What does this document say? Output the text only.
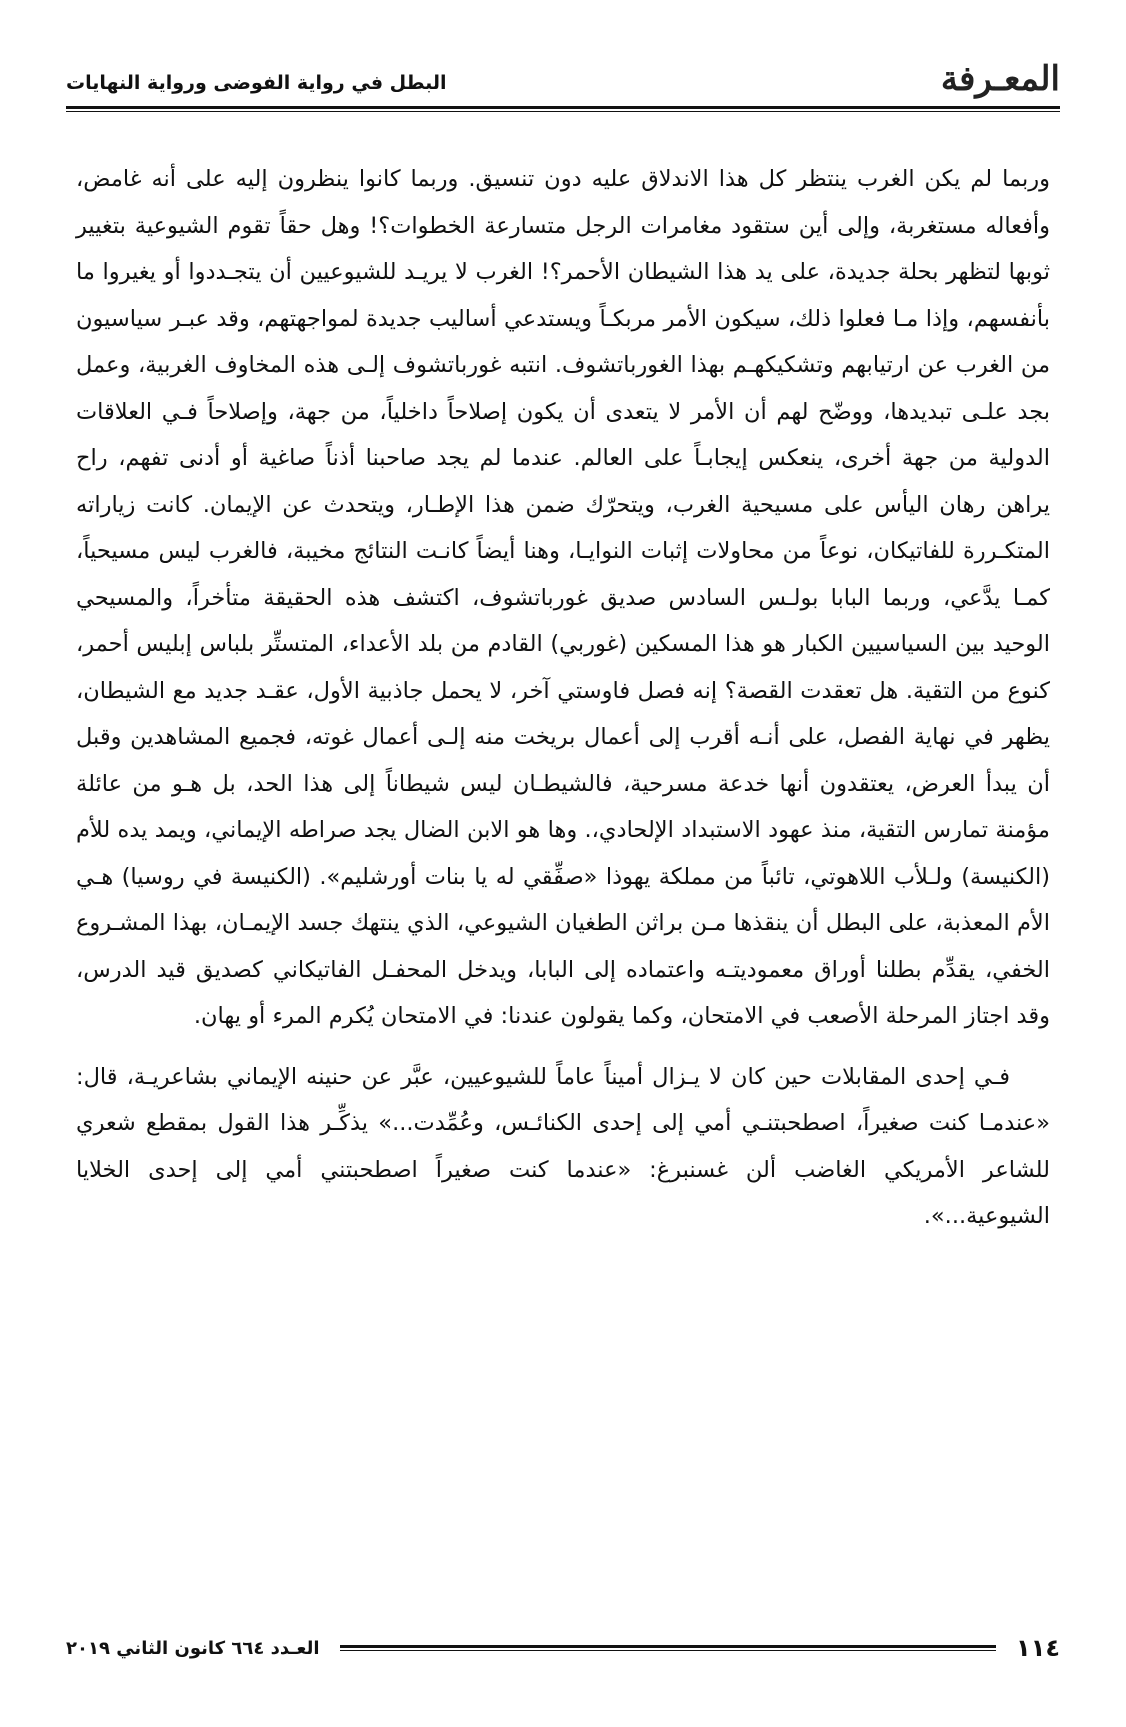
المعـرفة
البطل في رواية الفوضى ورواية النهايات

وربما لم يكن الغرب ينتظر كل هذا الاندلاق عليه دون تنسيق. وربما كانوا ينظرون إليه على أنه غامض، وأفعاله مستغربة، وإلى أين ستقود مغامرات الرجل متسارعة الخطوات؟! وهل حقاً تقوم الشيوعية بتغيير ثوبها لتظهر بحلة جديدة، على يد هذا الشيطان الأحمر؟! الغرب لا يريـد للشيوعيين أن يتجـددوا أو يغيروا ما بأنفسهم، وإذا مـا فعلوا ذلك، سيكون الأمر مربكـاً ويستدعي أساليب جديدة لمواجهتهم، وقد عبـر سياسيون من الغرب عن ارتيابهم وتشكيكهـم بهذا الغورباتشوف. انتبه غورباتشوف إلـى هذه المخاوف الغربية، وعمل بجد علـى تبديدها، ووضّح لهم أن الأمر لا يتعدى أن يكون إصلاحاً داخلياً، من جهة، وإصلاحاً فـي العلاقات الدولية من جهة أخرى، ينعكس إيجابـاً على العالم. عندما لم يجد صاحبنا أذناً صاغية أو أدنى تفهم، راح يراهن رهان اليأس على مسيحية الغرب، ويتحرّك ضمن هذا الإطـار، ويتحدث عن الإيمان. كانت زياراته المتكـررة للفاتيكان، نوعاً من محاولات إثبات النوايـا، وهنا أيضاً كانـت النتائج مخيبة، فالغرب ليس مسيحياً، كمـا يدَّعي، وربما البابا بولـس السادس صديق غورباتشوف، اكتشف هذه الحقيقة متأخراً، والمسيحي الوحيد بين السياسيين الكبار هو هذا المسكين (غوربي) القادم من بلد الأعداء، المتستِّر بلباس إبليس أحمر، كنوع من التقية. هل تعقدت القصة؟ إنه فصل فاوستي آخر، لا يحمل جاذبية الأول، عقـد جديد مع الشيطان، يظهر في نهاية الفصل، على أنـه أقرب إلى أعمال بريخت منه إلـى أعمال غوته، فجميع المشاهدين وقبل أن يبدأ العرض، يعتقدون أنها خدعة مسرحية، فالشيطـان ليس شيطاناً إلى هذا الحد، بل هـو من عائلة مؤمنة تمارس التقية، منذ عهود الاستبداد الإلحادي،. وها هو الابن الضال يجد صراطه الإيماني، ويمد يده للأم (الكنيسة) ولـلأب اللاهوتي، تائباً من مملكة يهوذا «صفِّقي له يا بنات أورشليم». (الكنيسة في روسيا) هـي الأم المعذبة، على البطل أن ينقذها مـن براثن الطغيان الشيوعي، الذي ينتهك جسد الإيمـان، بهذا المشـروع الخفي، يقدِّم بطلنا أوراق معموديتـه واعتماده إلى البابا، ويدخل المحفـل الفاتيكاني كصديق قيد الدرس، وقد اجتاز المرحلة الأصعب في الامتحان، وكما يقولون عندنا: في الامتحان يُكرم المرء أو يهان.

فـي إحدى المقابلات حين كان لا يـزال أميناً عاماً للشيوعيين، عبَّر عن حنينه الإيماني بشاعريـة، قال: «عندمـا كنت صغيراً، اصطحبتنـي أمي إلى إحدى الكنائـس، وعُمِّدت...» يذكِّـر هذا القول بمقطع شعري للشاعر الأمريكي الغاضب ألن غسنبرغ: «عندما كنت صغيراً اصطحبتني أمي إلى إحدى الخلايا الشيوعية...».

١١٤
العـدد ٦٦٤ كانون الثاني ٢٠١٩
